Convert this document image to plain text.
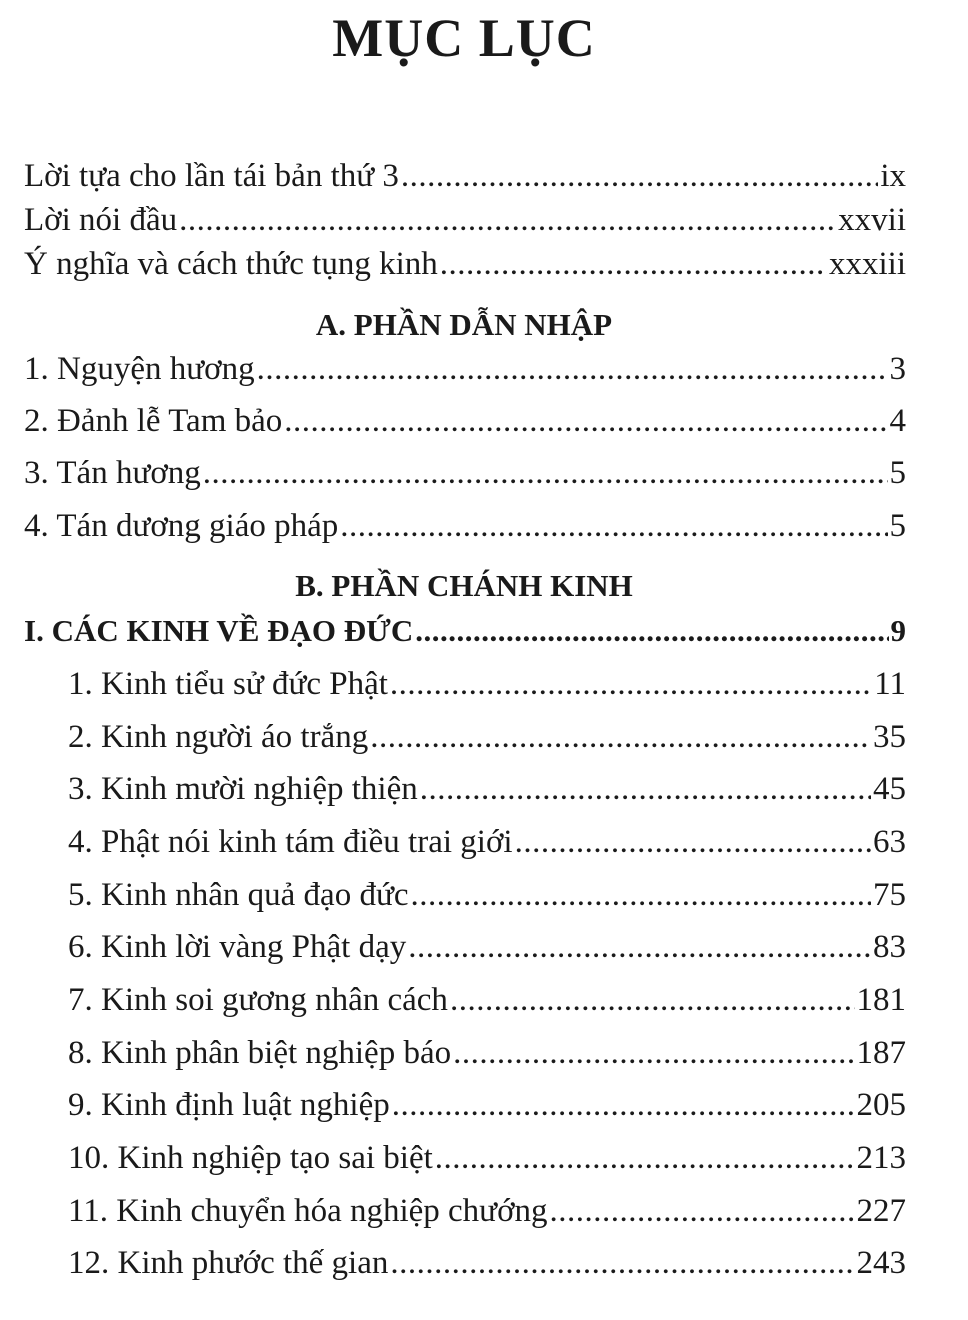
MỤC LỤC
Lời tựa cho lần tái bản thứ 3 .....	ix
Lời nói đầu .....	xxvii
Ý nghĩa và cách thức tụng kinh .....	xxxiii
A. PHẦN DẪN NHẬP
1. Nguyện hương .....	3
2. Đảnh lễ Tam bảo .....	4
3. Tán hương .....	5
4. Tán dương giáo pháp .....	5
B. PHẦN CHÁNH KINH
I. CÁC KINH VỀ ĐẠO ĐỨC .....	9
1. Kinh tiểu sử đức Phật .....	11
2. Kinh người áo trắng .....	35
3. Kinh mười nghiệp thiện .....	45
4. Phật nói kinh tám điều trai giới .....	63
5. Kinh nhân quả đạo đức .....	75
6. Kinh lời vàng Phật dạy .....	83
7. Kinh soi gương nhân cách .....	181
8. Kinh phân biệt nghiệp báo .....	187
9. Kinh định luật nghiệp .....	205
10. Kinh nghiệp tạo sai biệt .....	213
11. Kinh chuyển hóa nghiệp chướng .....	227
12. Kinh phước thế gian .....	243
